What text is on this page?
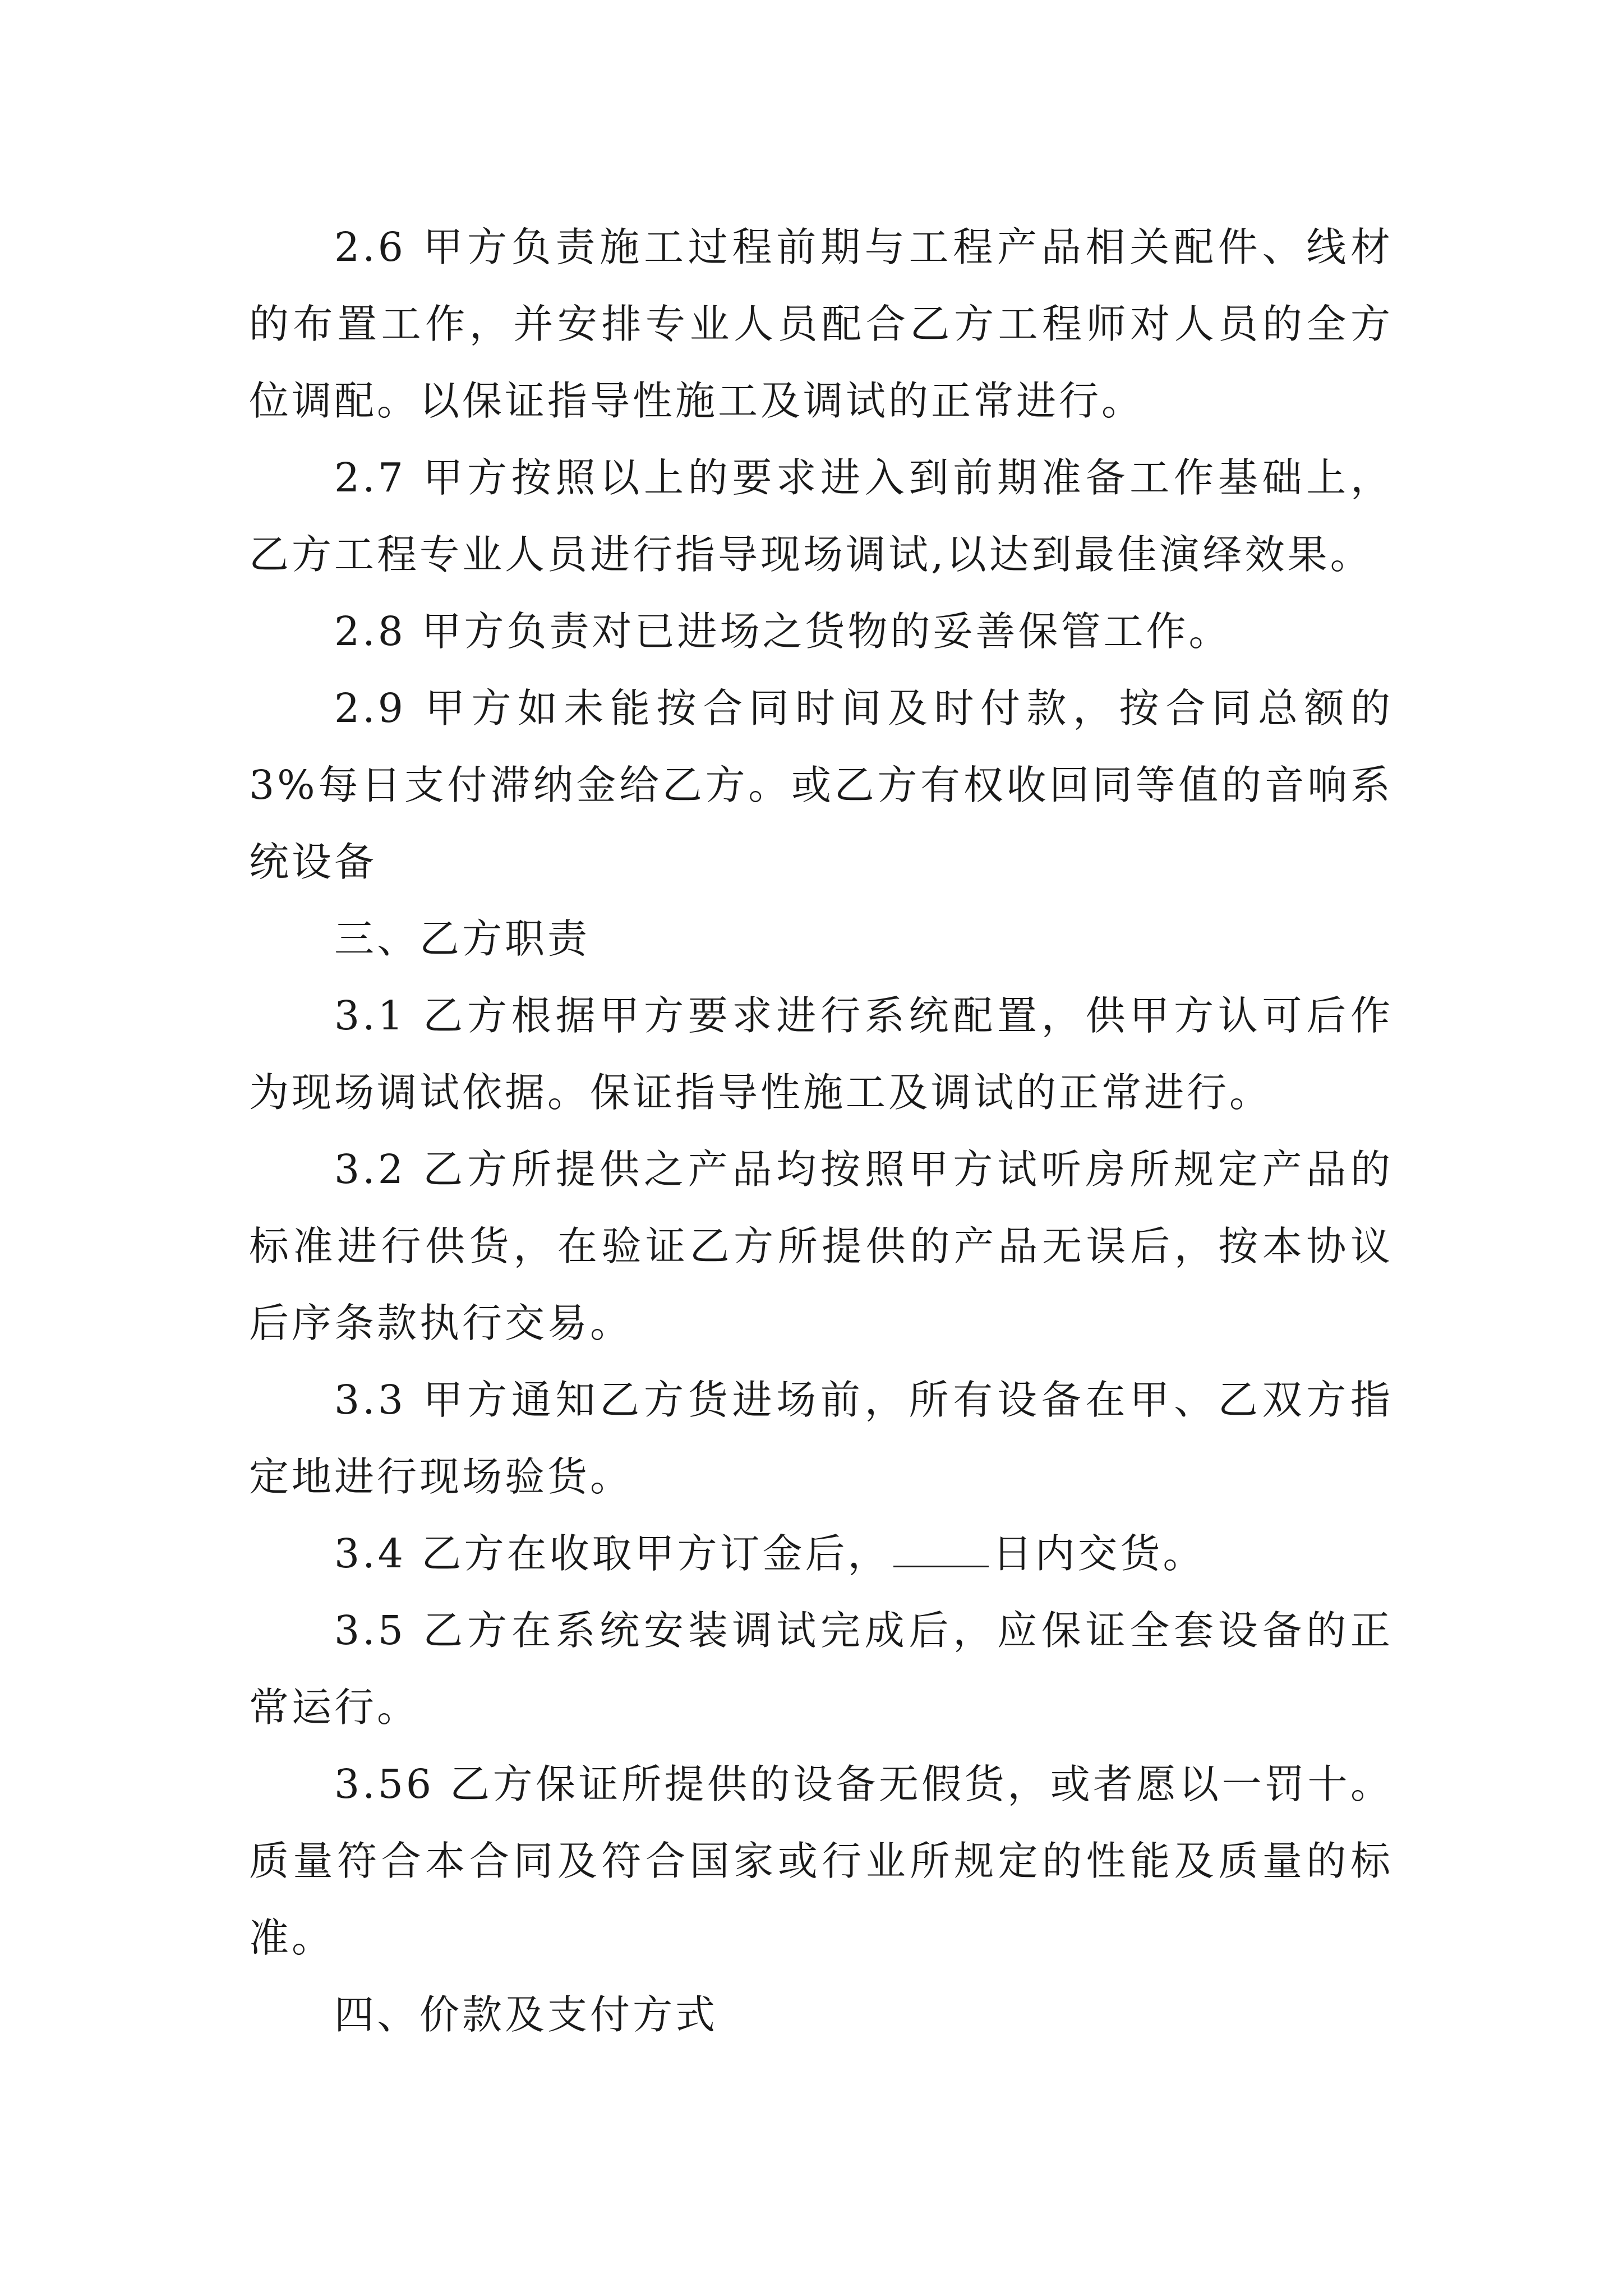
2.6 甲方负责施工过程前期与工程产品相关配件、线材的布置工作，并安排专业人员配合乙方工程师对人员的全方位调配。以保证指导性施工及调试的正常进行。

2.7 甲方按照以上的要求进入到前期准备工作基础上，乙方工程专业人员进行指导现场调试,以达到最佳演绎效果。

2.8 甲方负责对已进场之货物的妥善保管工作。

2.9 甲方如未能按合同时间及时付款，按合同总额的 3%每日支付滞纳金给乙方。或乙方有权收回同等值的音响系统设备

三、乙方职责

3.1 乙方根据甲方要求进行系统配置，供甲方认可后作为现场调试依据。保证指导性施工及调试的正常进行。

3.2 乙方所提供之产品均按照甲方试听房所规定产品的标准进行供货，在验证乙方所提供的产品无误后，按本协议后序条款执行交易。

3.3 甲方通知乙方货进场前，所有设备在甲、乙双方指定地进行现场验货。

3.4 乙方在收取甲方订金后，	日内交货。

3.5 乙方在系统安装调试完成后，应保证全套设备的正常运行。

3.56 乙方保证所提供的设备无假货，或者愿以一罚十。质量符合本合同及符合国家或行业所规定的性能及质量的标准。

四、价款及支付方式
